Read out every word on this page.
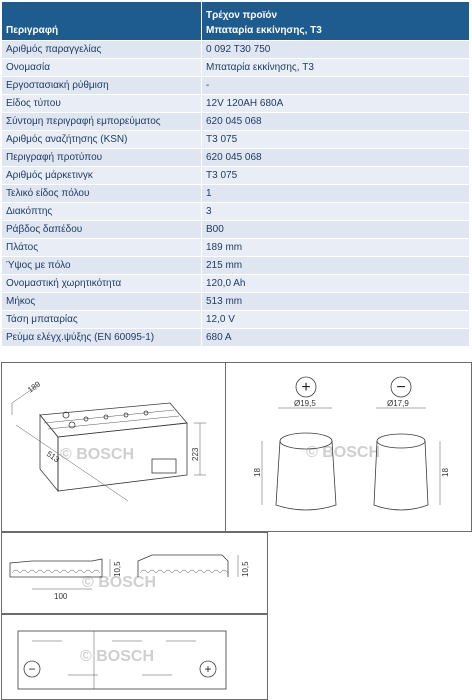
Περιγραφή	Τρέχον προϊόν
Μπαταρία εκκίνησης, T3

Αριθμός παραγγελίας	0 092 T30 750
Ονομασία	Μπαταρία εκκίνησης, T3
Εργοστασιακή ρύθμιση	-
Είδος τύπου	12V 120AH 680A
Σύντομη περιγραφή εμπορεύματος	620 045 068
Αριθμός αναζήτησης (KSN)	T3 075
Περιγραφή προτύπου	620 045 068
Αριθμός μάρκετινγκ	T3 075
Τελικό είδος πόλου	1
Διακόπτης	3
Ράβδος δαπέδου	B00
Πλάτος	189 mm
Ύψος με πόλο	215 mm
Ονομαστική χωρητικότητα	120,0 Ah
Μήκος	513 mm
Τάση μπαταρίας	12,0 V
Ρεύμα ελέγχ.ψύξης (EN 60095-1)	680 A
© BOSCH
189
513	223	© BOSCH
+
Ø19,5
18
−
Ø17,9
18
© BOSCH
10,5
100
10,5
© BOSCH
−	+
